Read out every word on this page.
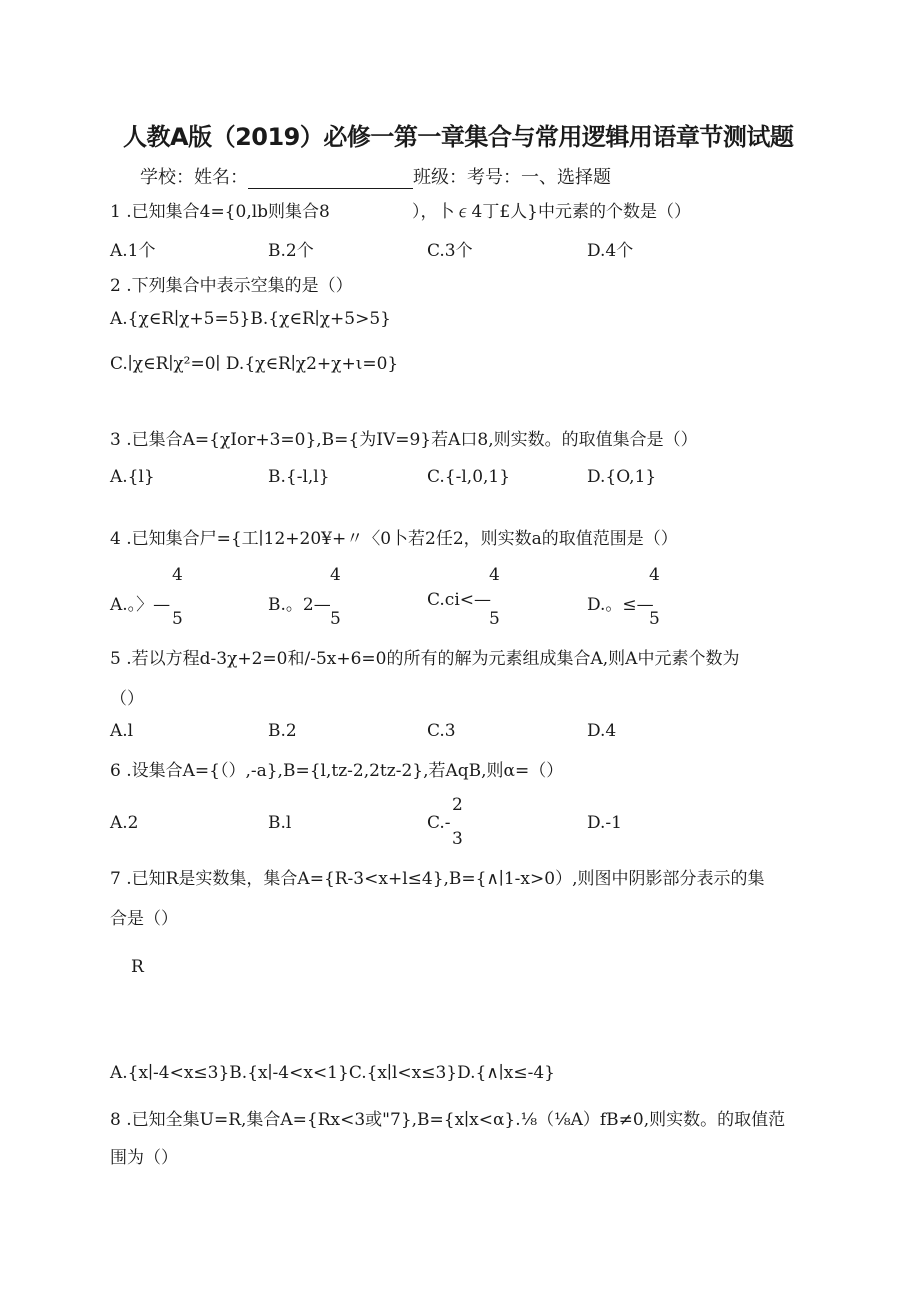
人教A版（2019）必修一第一章集合与常用逻辑用语章节测试题
学校：姓名：	班级：考号：一、选择题
1 .已知集合4={0,lb则集合8	），卜∊4丁£人}中元素的个数是（）
A.1个	B.2个	C.3个	D.4个
2 .下列集合中表示空集的是（）
A.{χ∈R∣χ+5=5}B.{χ∈R∣χ+5>5}
C.∣χ∈R∣χ²=0∣ D.{χ∈R∣χ2+χ+ι=0}
3 .已集合A={χIor+3=0},B={为IV=9}若A口8,则实数。的取值集合是（）
A.{l}	B.{-l,l}	C.{-l,0,1}	D.{O,1}
4 .已知集合尸={工∣12+20¥+〃〈0卜若2任2，则实数a的取值范围是（）
A.。〉—	B.。2—	C.ci<—	D.。≤—
4
5
4
5
4
5
4
5
5 .若以方程d-3χ+2=0和/-5x+6=0的所有的解为元素组成集合A,则A中元素个数为
（）
A.l	B.2	C.3	D.4
6 .设集合A={（）,-a},B={l,tz-2,2tz-2},若AqB,则α=（）
A.2	B.l	C.-	D.-1
2
3
7 .已知R是实数集，集合A={R-3<x+l≤4},B={∧∣1-x>0）,则图中阴影部分表示的集
合是（）
R
A.{x∣-4<x≤3}B.{x∣-4<x<1}C.{x∣l<x≤3}D.{∧∣x≤-4}
8 .已知全集U=R,集合A={Rx<3或"7},B={x∣x<α}.⅛（⅛A）fB≠0,则实数。的取值范
围为（）
